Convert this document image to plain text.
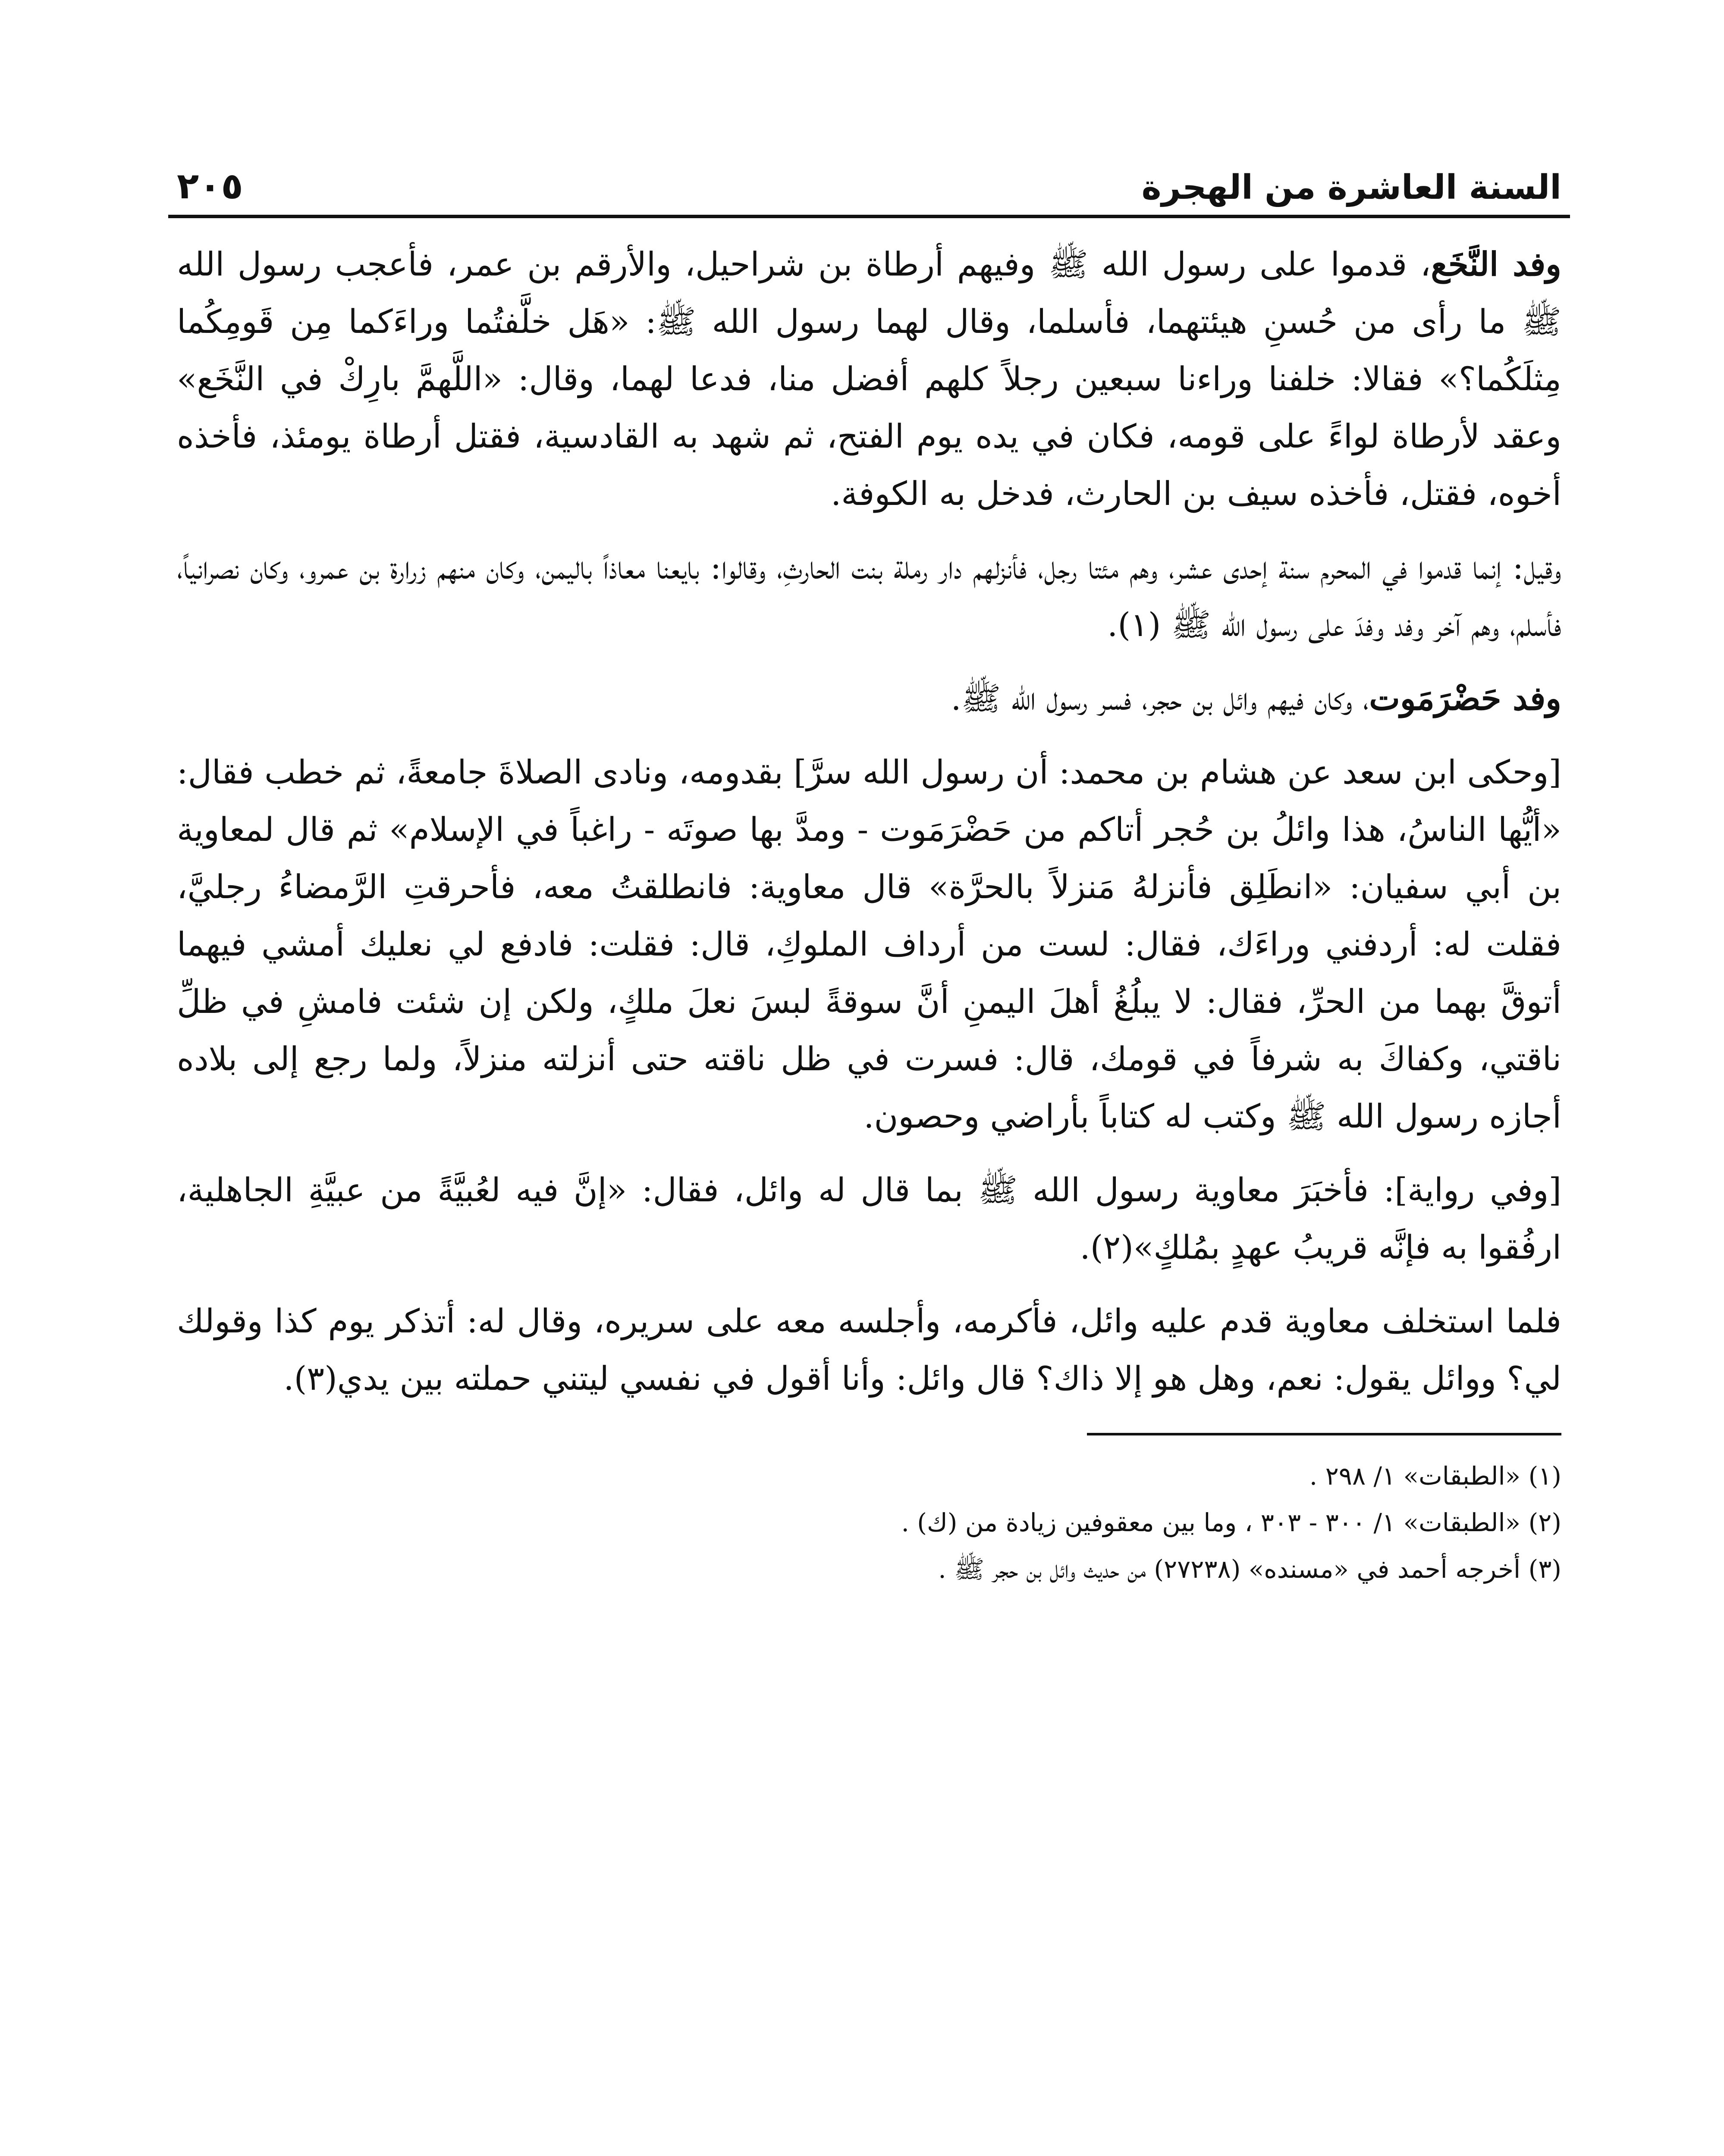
السنة العاشرة من الهجرة
٢٠٥

وفد النَّخَع، قدموا على رسول الله ﷺ وفيهم أرطاة بن شراحيل، والأرقم بن عمر، فأعجب رسول الله ﷺ ما رأى من حُسنِ هيئتهما، فأسلما، وقال لهما رسول الله ﷺ: «هَل خلَّفتُما وراءَكما مِن قَومِكُما مِثلَكُما؟» فقالا: خلفنا وراءنا سبعين رجلاً كلهم أفضل منا، فدعا لهما، وقال: «اللَّهمَّ بارِكْ في النَّخَع» وعقد لأرطاة لواءً على قومه، فكان في يده يوم الفتح، ثم شهد به القادسية، فقتل أرطاة يومئذ، فأخذه أخوه، فقتل، فأخذه سيف بن الحارث، فدخل به الكوفة.

وقيل: إنما قدموا في المحرم سنة إحدى عشر، وهم مئتا رجل، فأنزلهم دار رملة بنت الحارثِ، وقالوا: بايعنا معاذاً باليمن، وكان منهم زرارة بن عمرو، وكان نصرانياً، فأسلم، وهم آخر وفد وفدَ على رسول الله ﷺ (١).

وفد حَضْرَمَوت، وكان فيهم وائل بن حجر، فسر رسول الله ﷺ.

[وحكى ابن سعد عن هشام بن محمد: أن رسول الله سرَّ] بقدومه، ونادى الصلاةَ جامعةً، ثم خطب فقال: «أيُّها الناسُ، هذا وائلُ بن حُجر أتاكم من حَضْرَمَوت - ومدَّ بها صوتَه - راغباً في الإسلام» ثم قال لمعاوية بن أبي سفيان: «انطَلِق فأنزلهُ مَنزلاً بالحرَّة» قال معاوية: فانطلقتُ معه، فأحرقتِ الرَّمضاءُ رجليَّ، فقلت له: أردفني وراءَك، فقال: لست من أرداف الملوكِ، قال: فقلت: فادفع لي نعليك أمشي فيهما أتوقَّ بهما من الحرِّ، فقال: لا يبلُغُ أهلَ اليمنِ أنَّ سوقةً لبسَ نعلَ ملكٍ، ولكن إن شئت فامشِ في ظلِّ ناقتي، وكفاكَ به شرفاً في قومك، قال: فسرت في ظل ناقته حتى أنزلته منزلاً، ولما رجع إلى بلاده أجازه رسول الله ﷺ وكتب له كتاباً بأراضي وحصون.

[وفي رواية]: فأخبَرَ معاوية رسول الله ﷺ بما قال له وائل، فقال: «إنَّ فيه لعُبيَّةً من عبيَّةِ الجاهلية، ارفُقوا به فإنَّه قريبُ عهدٍ بمُلكٍ»(٢).

فلما استخلف معاوية قدم عليه وائل، فأكرمه، وأجلسه معه على سريره، وقال له: أتذكر يوم كذا وقولك لي؟ ووائل يقول: نعم، وهل هو إلا ذاك؟ قال وائل: وأنا أقول في نفسي ليتني حملته بين يدي(٣).

(١) «الطبقات» ١/ ٢٩٨ .

(٢) «الطبقات» ١/ ٣٠٠ - ٣٠٣ ، وما بين معقوفين زيادة من (ك) .

(٣) أخرجه أحمد في «مسنده» (٢٧٢٣٨) من حديث وائل بن حجر ﷺ .
